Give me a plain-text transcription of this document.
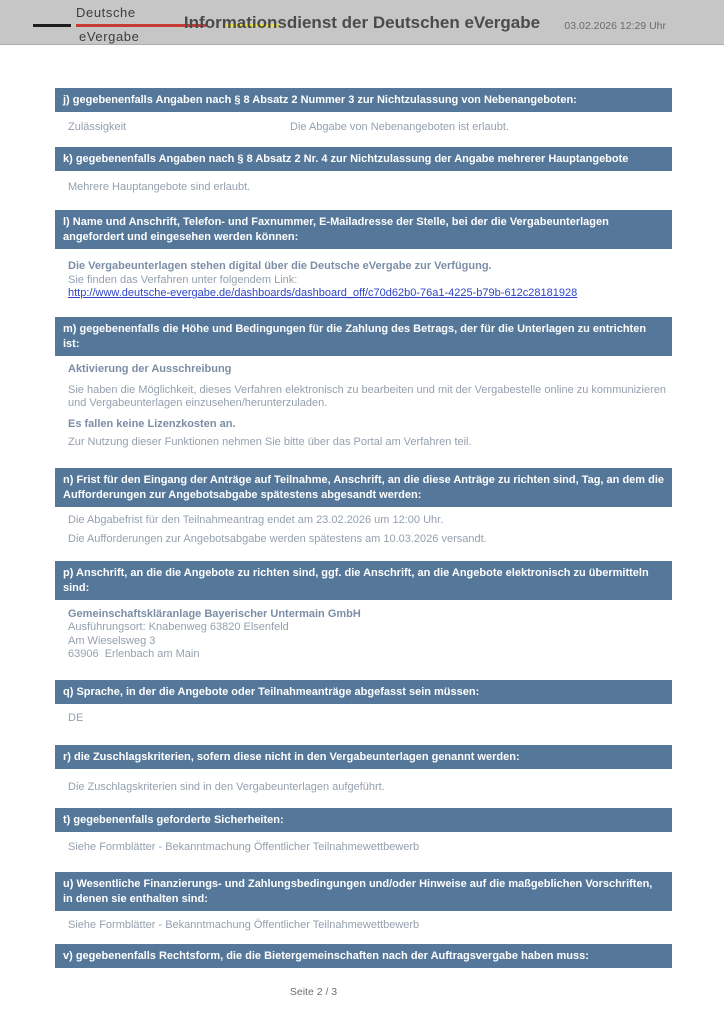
Deutsche
eVergabe
Informationsdienst der Deutschen eVergabe	03.02.2026 12:29 Uhr
j) gegebenenfalls Angaben nach § 8 Absatz 2 Nummer 3 zur Nichtzulassung von Nebenangeboten:
Zulässigkeit	Die Abgabe von Nebenangeboten ist erlaubt.
k) gegebenenfalls Angaben nach § 8 Absatz 2 Nr. 4 zur Nichtzulassung der Angabe mehrerer Hauptangebote
Mehrere Hauptangebote sind erlaubt.
l) Name und Anschrift, Telefon- und Faxnummer, E-Mailadresse der Stelle, bei der die Vergabeunterlagen angefordert und eingesehen werden können:
Die Vergabeunterlagen stehen digital über die Deutsche eVergabe zur Verfügung.
Sie finden das Verfahren unter folgendem Link:
http://www.deutsche-evergabe.de/dashboards/dashboard_off/c70d62b0-76a1-4225-b79b-612c28181928
m) gegebenenfalls die Höhe und Bedingungen für die Zahlung des Betrags, der für die Unterlagen zu entrichten ist:
Aktivierung der Ausschreibung
Sie haben die Möglichkeit, dieses Verfahren elektronisch zu bearbeiten und mit der Vergabestelle online zu kommunizieren und Vergabeunterlagen einzusehen/herunterzuladen.
Es fallen keine Lizenzkosten an.
Zur Nutzung dieser Funktionen nehmen Sie bitte über das Portal am Verfahren teil.
n) Frist für den Eingang der Anträge auf Teilnahme, Anschrift, an die diese Anträge zu richten sind, Tag, an dem die Aufforderungen zur Angebotsabgabe spätestens abgesandt werden:
Die Abgabefrist für den Teilnahmeantrag endet am 23.02.2026 um 12:00 Uhr.
Die Aufforderungen zur Angebotsabgabe werden spätestens am 10.03.2026 versandt.
p) Anschrift, an die die Angebote zu richten sind, ggf. die Anschrift, an die Angebote elektronisch zu übermitteln sind:
Gemeinschaftskläranlage Bayerischer Untermain GmbH
Ausführungsort: Knabenweg 63820 Elsenfeld
Am Wieselsweg 3
63906  Erlenbach am Main
q) Sprache, in der die Angebote oder Teilnahmeanträge abgefasst sein müssen:
DE
r) die Zuschlagskriterien, sofern diese nicht in den Vergabeunterlagen genannt werden:
Die Zuschlagskriterien sind in den Vergabeunterlagen aufgeführt.
t) gegebenenfalls geforderte Sicherheiten:
Siehe Formblätter - Bekanntmachung Öffentlicher Teilnahmewettbewerb
u) Wesentliche Finanzierungs- und Zahlungsbedingungen und/oder Hinweise auf die maßgeblichen Vorschriften, in denen sie enthalten sind:
Siehe Formblätter - Bekanntmachung Öffentlicher Teilnahmewettbewerb
v) gegebenenfalls Rechtsform, die die Bietergemeinschaften nach der Auftragsvergabe haben muss:
Seite 2 / 3
